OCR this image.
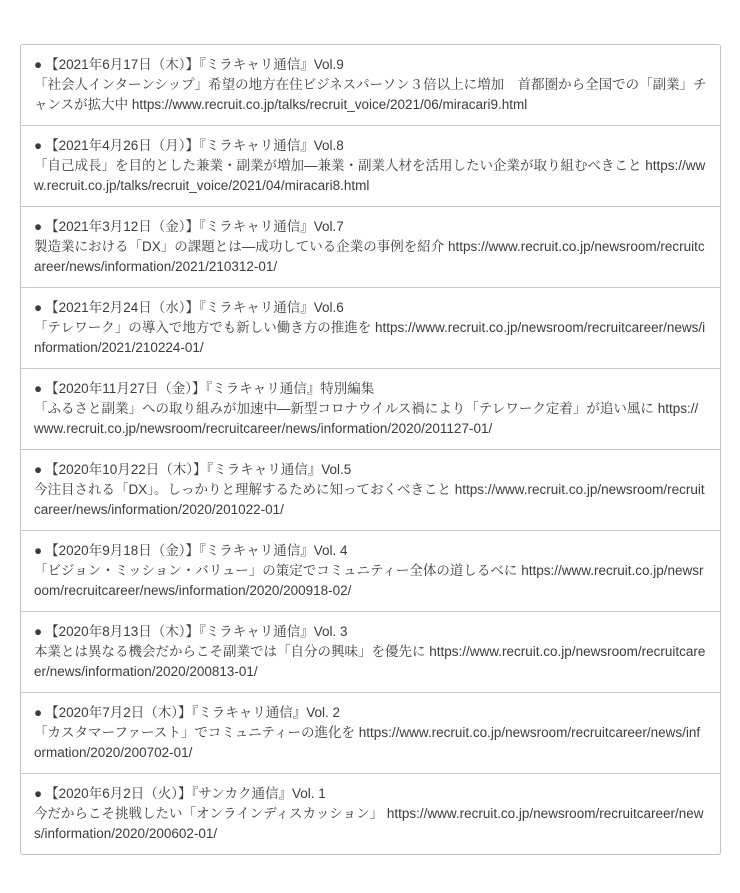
● 【2021年6月17日（木）】『ミラキャリ通信』Vol.9

「社会人インターンシップ」希望の地方在住ビジネスパーソン３倍以上に増加　首都圏から全国での「副業」チャンスが拡大中 https://www.recruit.co.jp/talks/recruit_voice/2021/06/miracari9.html

● 【2021年4月26日（月）】『ミラキャリ通信』Vol.8

「自己成長」を目的とした兼業・副業が増加—兼業・副業人材を活用したい企業が取り組むべきこと https://www.recruit.co.jp/talks/recruit_voice/2021/04/miracari8.html

● 【2021年3月12日（金）】『ミラキャリ通信』Vol.7

製造業における「DX」の課題とは—成功している企業の事例を紹介 https://www.recruit.co.jp/newsroom/recruitcareer/news/information/2021/210312-01/

● 【2021年2月24日（水）】『ミラキャリ通信』Vol.6

「テレワーク」の導入で地方でも新しい働き方の推進を https://www.recruit.co.jp/newsroom/recruitcareer/news/information/2021/210224-01/

● 【2020年11月27日（金）】『ミラキャリ通信』特別編集

「ふるさと副業」への取り組みが加速中—新型コロナウイルス禍により「テレワーク定着」が追い風に https://www.recruit.co.jp/newsroom/recruitcareer/news/information/2020/201127-01/

● 【2020年10月22日（木）】『ミラキャリ通信』Vol.5

今注目される「DX」。しっかりと理解するために知っておくべきこと https://www.recruit.co.jp/newsroom/recruitcareer/news/information/2020/201022-01/

● 【2020年9月18日（金）】『ミラキャリ通信』Vol. 4

「ビジョン・ミッション・バリュー」の策定でコミュニティー全体の道しるべに https://www.recruit.co.jp/newsroom/recruitcareer/news/information/2020/200918-02/

● 【2020年8月13日（木）】『ミラキャリ通信』Vol. 3

本業とは異なる機会だからこそ副業では「自分の興味」を優先に https://www.recruit.co.jp/newsroom/recruitcareer/news/information/2020/200813-01/

● 【2020年7月2日（木）】『ミラキャリ通信』Vol. 2

「カスタマーファースト」でコミュニティーの進化を https://www.recruit.co.jp/newsroom/recruitcareer/news/information/2020/200702-01/

● 【2020年6月2日（火）】『サンカク通信』Vol. 1

今だからこそ挑戦したい「オンラインディスカッション」 https://www.recruit.co.jp/newsroom/recruitcareer/news/information/2020/200602-01/
